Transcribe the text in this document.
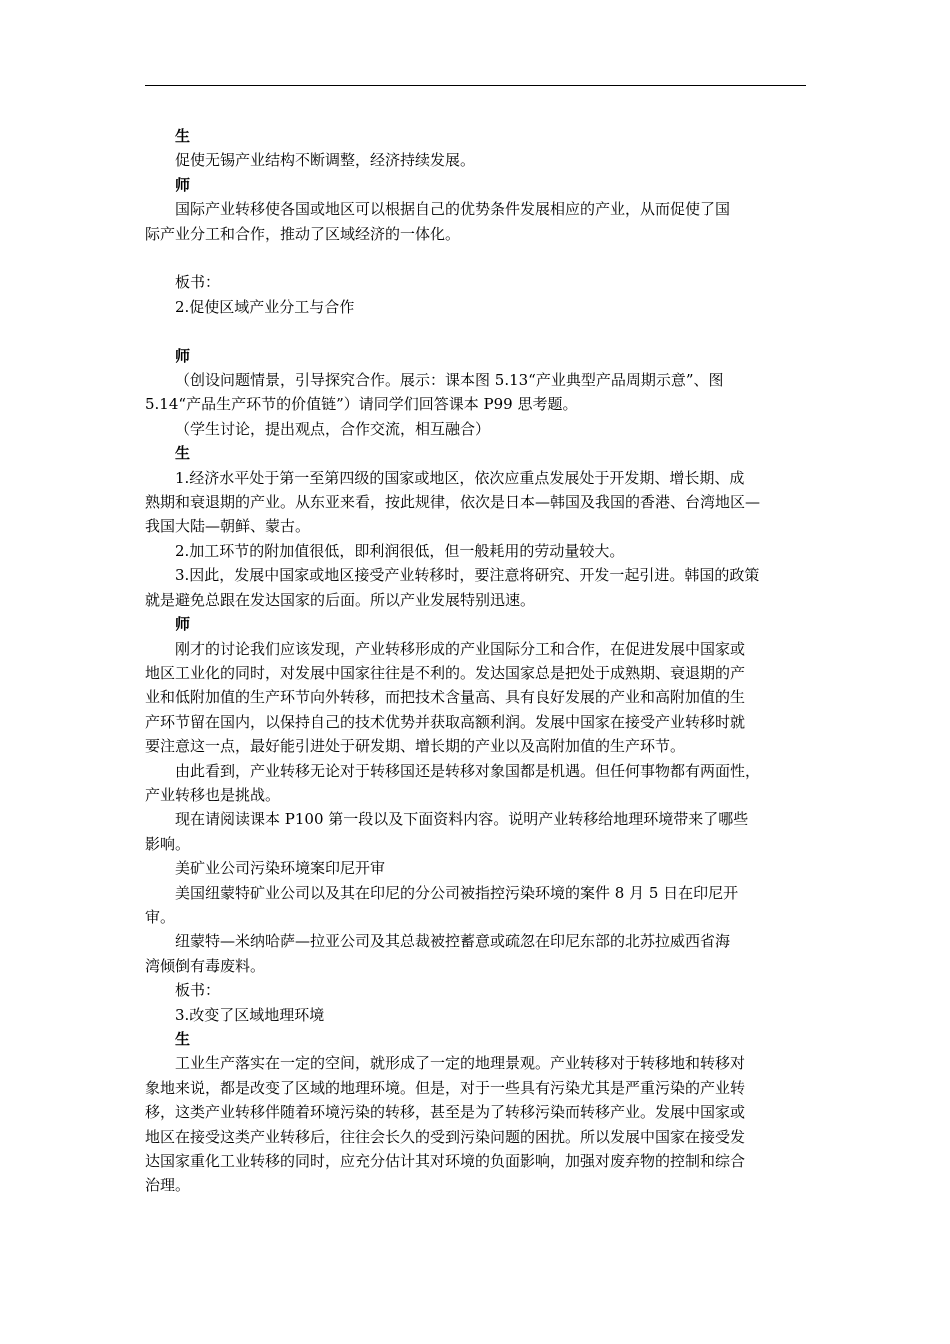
生

促使无锡产业结构不断调整，经济持续发展。

师

国际产业转移使各国或地区可以根据自己的优势条件发展相应的产业，从而促使了国
际产业分工和合作，推动了区域经济的一体化。

板书：

2.促使区域产业分工与合作

师

（创设问题情景，引导探究合作。展示：课本图 5.13“产业典型产品周期示意”、图
5.14“产品生产环节的价值链”）请同学们回答课本 P99 思考题。

（学生讨论，提出观点，合作交流，相互融合）

生

1.经济水平处于第一至第四级的国家或地区，依次应重点发展处于开发期、增长期、成
熟期和衰退期的产业。从东亚来看，按此规律，依次是日本—韩国及我国的香港、台湾地区—
我国大陆—朝鲜、蒙古。

2.加工环节的附加值很低，即利润很低，但一般耗用的劳动量较大。

3.因此，发展中国家或地区接受产业转移时，要注意将研究、开发一起引进。韩国的政策
就是避免总跟在发达国家的后面。所以产业发展特别迅速。

师

刚才的讨论我们应该发现，产业转移形成的产业国际分工和合作，在促进发展中国家或
地区工业化的同时，对发展中国家往往是不利的。发达国家总是把处于成熟期、衰退期的产
业和低附加值的生产环节向外转移，而把技术含量高、具有良好发展的产业和高附加值的生
产环节留在国内，以保持自己的技术优势并获取高额利润。发展中国家在接受产业转移时就
要注意这一点，最好能引进处于研发期、增长期的产业以及高附加值的生产环节。
由此看到，产业转移无论对于转移国还是转移对象国都是机遇。但任何事物都有两面性，
产业转移也是挑战。
现在请阅读课本 P100 第一段以及下面资料内容。说明产业转移给地理环境带来了哪些
影响。

美矿业公司污染环境案印尼开审

美国纽蒙特矿业公司以及其在印尼的分公司被指控污染环境的案件 8 月 5 日在印尼开
审。
纽蒙特—米纳哈萨—拉亚公司及其总裁被控蓄意或疏忽在印尼东部的北苏拉威西省海
湾倾倒有毒废料。

板书：

3.改变了区域地理环境

生

工业生产落实在一定的空间，就形成了一定的地理景观。产业转移对于转移地和转移对
象地来说，都是改变了区域的地理环境。但是，对于一些具有污染尤其是严重污染的产业转
移，这类产业转移伴随着环境污染的转移，甚至是为了转移污染而转移产业。发展中国家或
地区在接受这类产业转移后，往往会长久的受到污染问题的困扰。所以发展中国家在接受发
达国家重化工业转移的同时，应充分估计其对环境的负面影响，加强对废弃物的控制和综合
治理。
